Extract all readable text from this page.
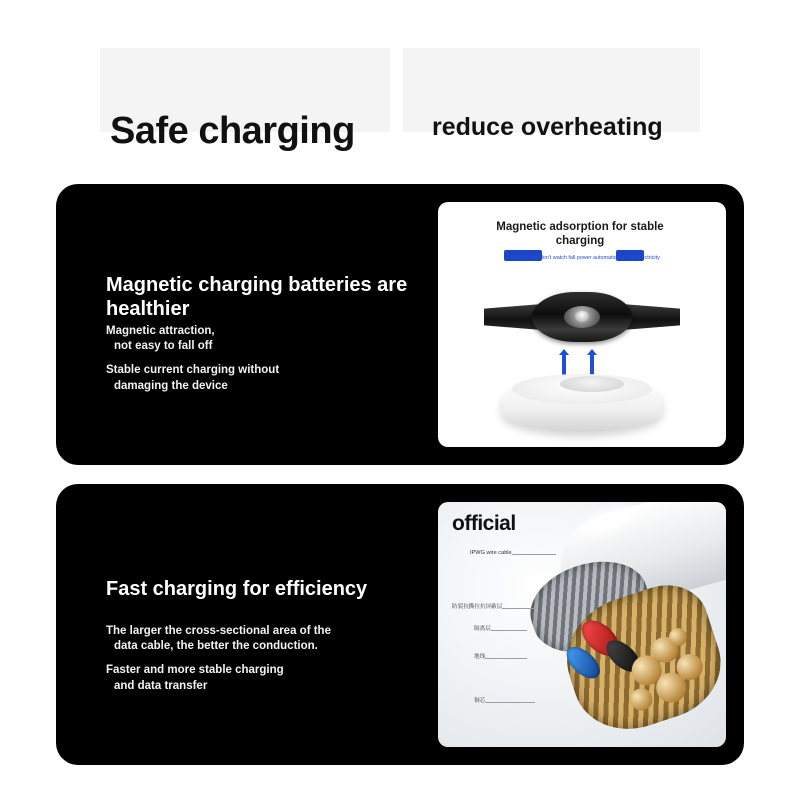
Safe charging	reduce overheating
Magnetic charging batteries are healthier
Magnetic attraction,
not easy to fall off
Stable current charging without
damaging the device
Magnetic adsorption for stable charging
Healthy say don't watch fall power automatically new electricity
Fast charging for efficiency
The larger the cross-sectional area of the
data cable, the better the conduction.
Faster and more stable charging
and data transfer
official
IPWG wire cable
防裂抗撕拉抗屏蔽层
隔离层
地线
铜芯
